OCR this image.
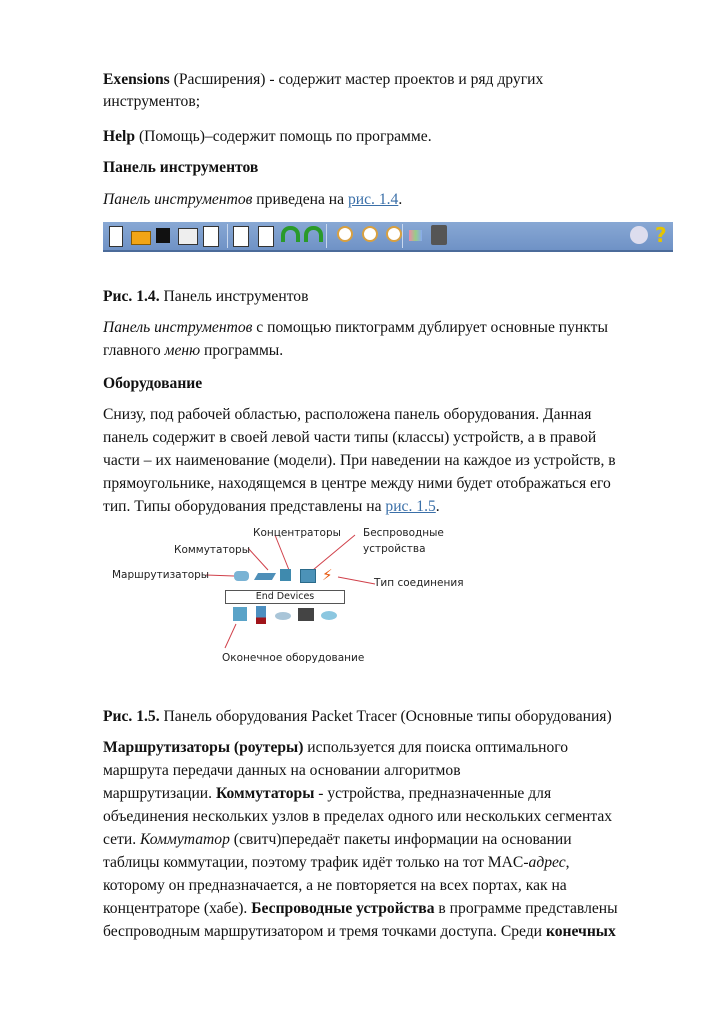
Exensions (Расширения) - содержит мастер проектов и ряд других
инструментов;
Help (Помощь)–содержит помощь по программе.
Панель инструментов
Панель инструментов приведена на рис. 1.4.
?
Рис. 1.4. Панель инструментов
Панель инструментов с помощью пиктограмм дублирует основные пункты
главного меню программы.
Оборудование
Снизу, под рабочей областью, расположена панель оборудования. Данная
панель содержит в своей левой части типы (классы) устройств, а в правой
части – их наименование (модели). При наведении на каждое из устройств, в
прямоугольнике, находящемся в центре между ними будет отображаться его
тип. Типы оборудования представлены на рис. 1.5.
Маршрутизаторы
Коммутаторы
Концентраторы Беспроводные
устройства
Тип соединения
⚡
End Devices
Оконечное оборудование
Рис. 1.5. Панель оборудования Packet Tracer (Основные типы оборудования)
Маршрутизаторы (роутеры) используется для поиска оптимального
маршрута передачи данных на основании алгоритмов
маршрутизации. Коммутаторы - устройства, предназначенные для
объединения нескольких узлов в пределах одного или нескольких сегментах
сети. Коммутатор (свитч)передаёт пакеты информации на основании
таблицы коммутации, поэтому трафик идёт только на тот MAC-адрес,
которому он предназначается, а не повторяется на всех портах, как на
концентраторе (хабе). Беспроводные устройства в программе представлены
беспроводным маршрутизатором и тремя точками доступа. Среди конечных
